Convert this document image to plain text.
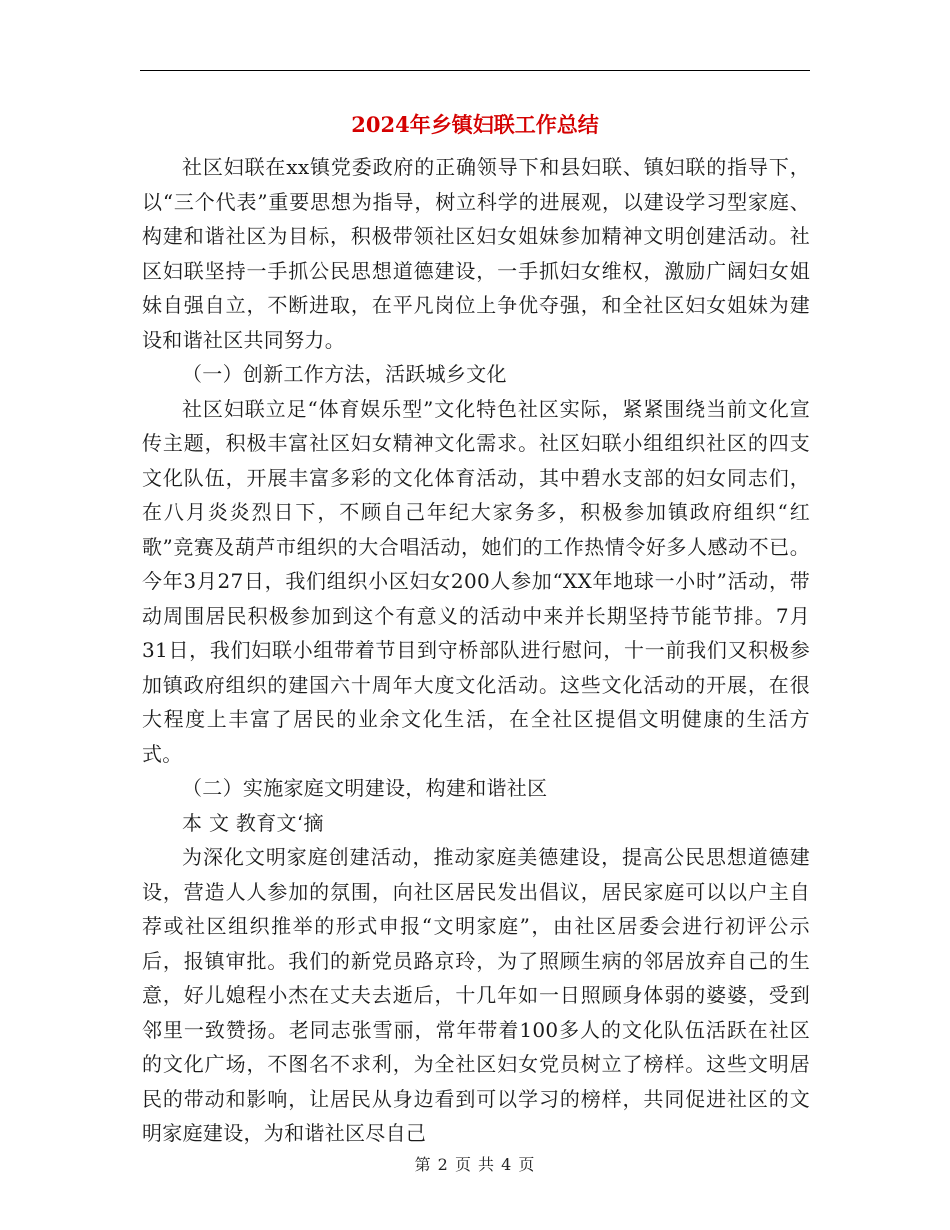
2024年乡镇妇联工作总结

社区妇联在xx镇党委政府的正确领导下和县妇联、镇妇联的指导下，以“三个代表”重要思想为指导，树立科学的进展观，以建设学习型家庭、构建和谐社区为目标，积极带领社区妇女姐妹参加精神文明创建活动。社区妇联坚持一手抓公民思想道德建设，一手抓妇女维权，激励广阔妇女姐妹自强自立，不断进取，在平凡岗位上争优夺强，和全社区妇女姐妹为建设和谐社区共同努力。

（一）创新工作方法，活跃城乡文化

社区妇联立足“体育娱乐型”文化特色社区实际，紧紧围绕当前文化宣传主题，积极丰富社区妇女精神文化需求。社区妇联小组组织社区的四支文化队伍，开展丰富多彩的文化体育活动，其中碧水支部的妇女同志们，在八月炎炎烈日下，不顾自己年纪大家务多，积极参加镇政府组织“红歌”竞赛及葫芦市组织的大合唱活动，她们的工作热情令好多人感动不已。今年3月27日，我们组织小区妇女200人参加“XX年地球一小时”活动，带动周围居民积极参加到这个有意义的活动中来并长期坚持节能节排。7月31日，我们妇联小组带着节目到守桥部队进行慰问，十一前我们又积极参加镇政府组织的建国六十周年大度文化活动。这些文化活动的开展，在很大程度上丰富了居民的业余文化生活，在全社区提倡文明健康的生活方式。

（二）实施家庭文明建设，构建和谐社区

本 文 教育文‘摘

为深化文明家庭创建活动，推动家庭美德建设，提高公民思想道德建设，营造人人参加的氛围，向社区居民发出倡议，居民家庭可以以户主自荐或社区组织推举的形式申报“文明家庭”，由社区居委会进行初评公示后，报镇审批。我们的新党员路京玲，为了照顾生病的邻居放弃自己的生意，好儿媳程小杰在丈夫去逝后，十几年如一日照顾身体弱的婆婆，受到邻里一致赞扬。老同志张雪丽，常年带着100多人的文化队伍活跃在社区的文化广场，不图名不求利，为全社区妇女党员树立了榜样。这些文明居民的带动和影响，让居民从身边看到可以学习的榜样，共同促进社区的文明家庭建设，为和谐社区尽自己

第 2 页 共 4 页
